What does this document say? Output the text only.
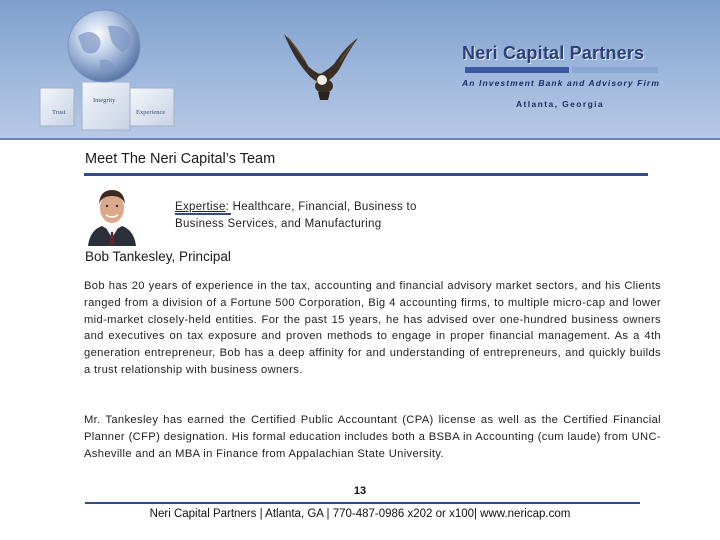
Trust
Integrity
Experience
Neri Capital Partners
An Investment Bank and Advisory Firm
Atlanta, Georgia
Meet The Neri Capital’s Team
Expertise: Healthcare, Financial, Business to Business Services, and Manufacturing
Bob Tankesley, Principal
Bob has 20 years of experience in the tax, accounting and financial advisory market sectors, and his Clients ranged from a division of a Fortune 500 Corporation, Big 4 accounting firms, to multiple micro-cap and lower mid-market closely-held entities. For the past 15 years, he has advised over one-hundred business owners and executives on tax exposure and proven methods to engage in proper financial management. As a 4th generation entrepreneur, Bob has a deep affinity for and understanding of entrepreneurs, and quickly builds a trust relationship with business owners.
Mr. Tankesley has earned the Certified Public Accountant (CPA) license as well as the Certified Financial Planner (CFP) designation. His formal education includes both a BSBA in Accounting (cum laude) from UNC-Asheville and an MBA in Finance from Appalachian State University.
13
Neri Capital Partners | Atlanta, GA | 770-487-0986 x202 or x100| www.nericap.com
